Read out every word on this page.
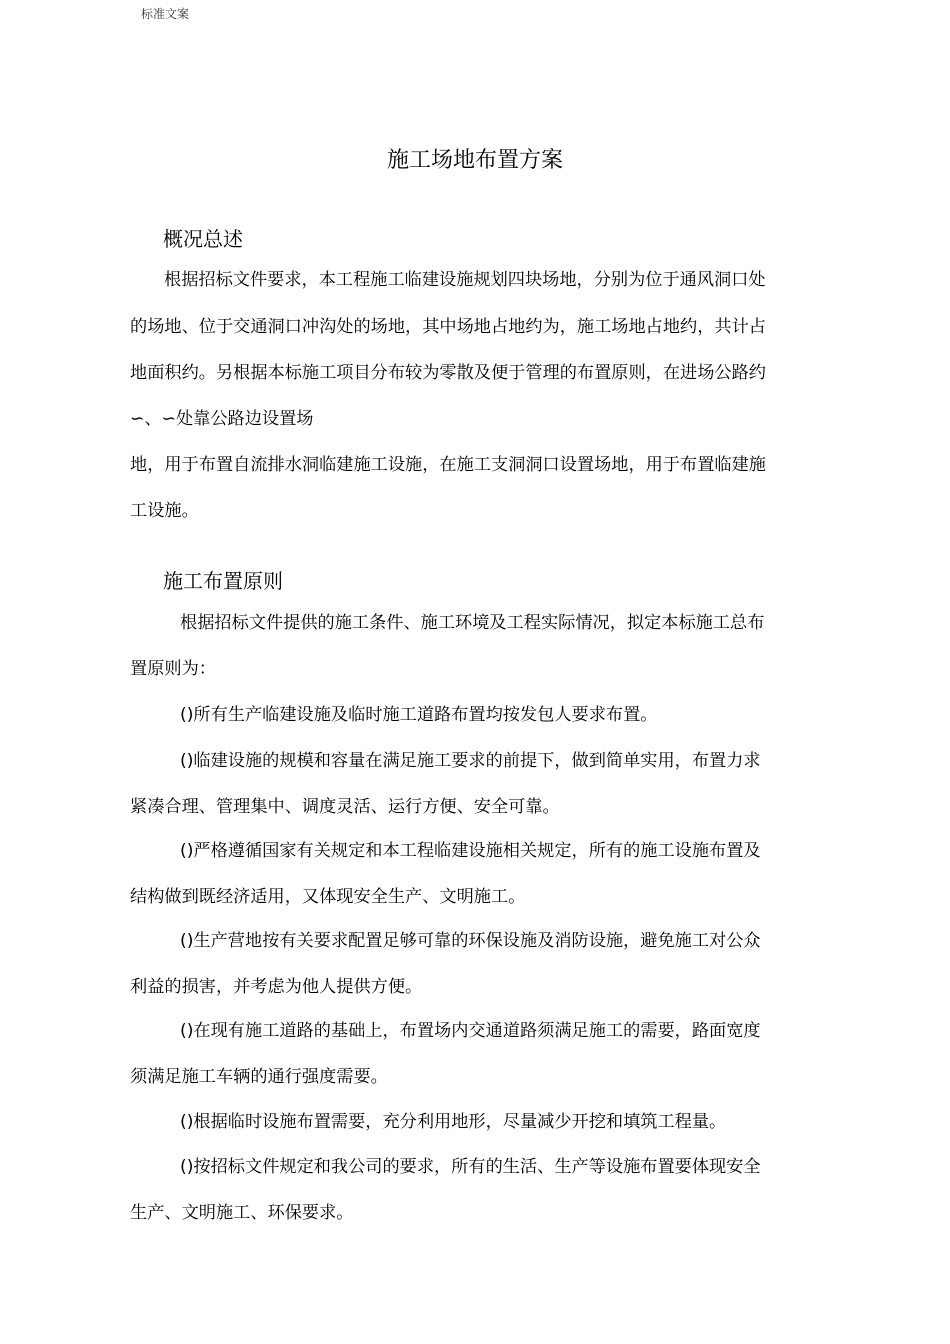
标准文案
施工场地布置方案
概况总述

根据招标文件要求，本工程施工临建设施规划四块场地，分别为位于通风洞口处

的场地、位于交通洞口冲沟处的场地，其中场地占地约为，施工场地占地约，共计占

地面积约。另根据本标施工项目分布较为零散及便于管理的布置原则，在进场公路约

∽、∽处靠公路边设置场

地，用于布置自流排水洞临建施工设施，在施工支洞洞口设置场地，用于布置临建施

工设施。

施工布置原则

根据招标文件提供的施工条件、施工环境及工程实际情况，拟定本标施工总布

置原则为：

()所有生产临建设施及临时施工道路布置均按发包人要求布置。

()临建设施的规模和容量在满足施工要求的前提下，做到简单实用，布置力求

紧凑合理、管理集中、调度灵活、运行方便、安全可靠。

()严格遵循国家有关规定和本工程临建设施相关规定，所有的施工设施布置及

结构做到既经济适用，又体现安全生产、文明施工。

()生产营地按有关要求配置足够可靠的环保设施及消防设施，避免施工对公众

利益的损害，并考虑为他人提供方便。

()在现有施工道路的基础上，布置场内交通道路须满足施工的需要，路面宽度

须满足施工车辆的通行强度需要。

()根据临时设施布置需要，充分利用地形，尽量减少开挖和填筑工程量。

()按招标文件规定和我公司的要求，所有的生活、生产等设施布置要体现安全

生产、文明施工、环保要求。
